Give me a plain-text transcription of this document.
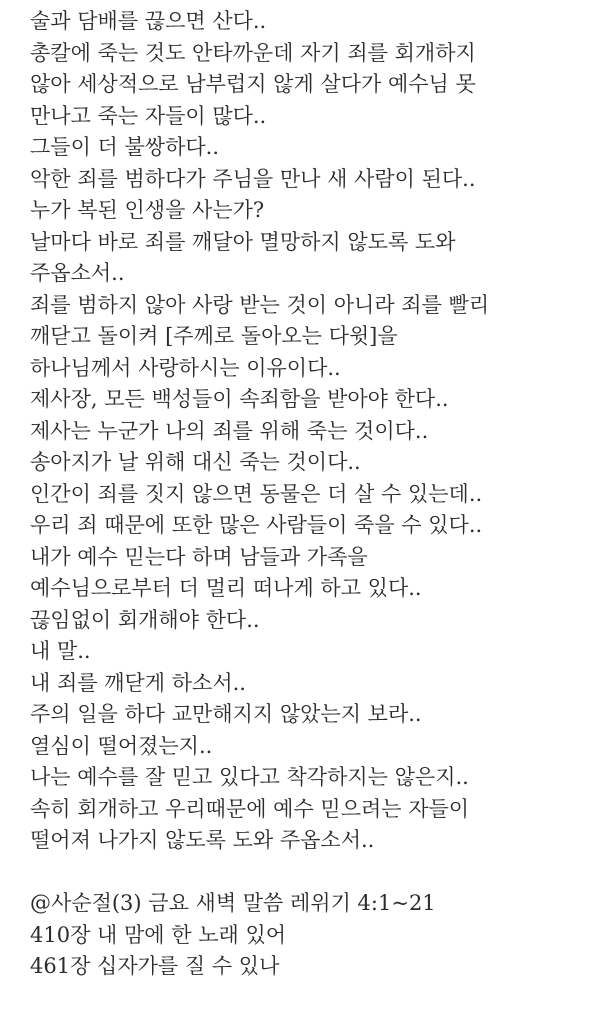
술과 담배를 끊으면 산다..
총칼에 죽는 것도 안타까운데 자기 죄를 회개하지
않아 세상적으로 남부럽지 않게 살다가 예수님 못
만나고 죽는 자들이 많다..
그들이 더 불쌍하다..
악한 죄를 범하다가 주님을 만나 새 사람이 된다..
누가 복된 인생을 사는가?
날마다 바로 죄를 깨달아 멸망하지 않도록 도와
주옵소서..
죄를 범하지 않아 사랑 받는 것이 아니라 죄를 빨리
깨닫고 돌이켜 [주께로 돌아오는 다윗]을
하나님께서 사랑하시는 이유이다..
제사장, 모든 백성들이 속죄함을 받아야 한다..
제사는 누군가 나의 죄를 위해 죽는 것이다..
송아지가 날 위해 대신 죽는 것이다..
인간이 죄를 짓지 않으면 동물은 더 살 수 있는데..
우리 죄 때문에 또한 많은 사람들이 죽을 수 있다..
내가 예수 믿는다 하며 남들과 가족을
예수님으로부터 더 멀리 떠나게 하고 있다..
끊임없이 회개해야 한다..
내 말..
내 죄를 깨닫게 하소서..
주의 일을 하다 교만해지지 않았는지 보라..
열심이 떨어졌는지..
나는 예수를 잘 믿고 있다고 착각하지는 않은지..
속히 회개하고 우리때문에 예수 믿으려는 자들이
떨어져 나가지 않도록 도와 주옵소서..
@사순절(3) 금요 새벽 말씀 레위기 4:1~21
410장 내 맘에 한 노래 있어
461장 십자가를 질 수 있나
